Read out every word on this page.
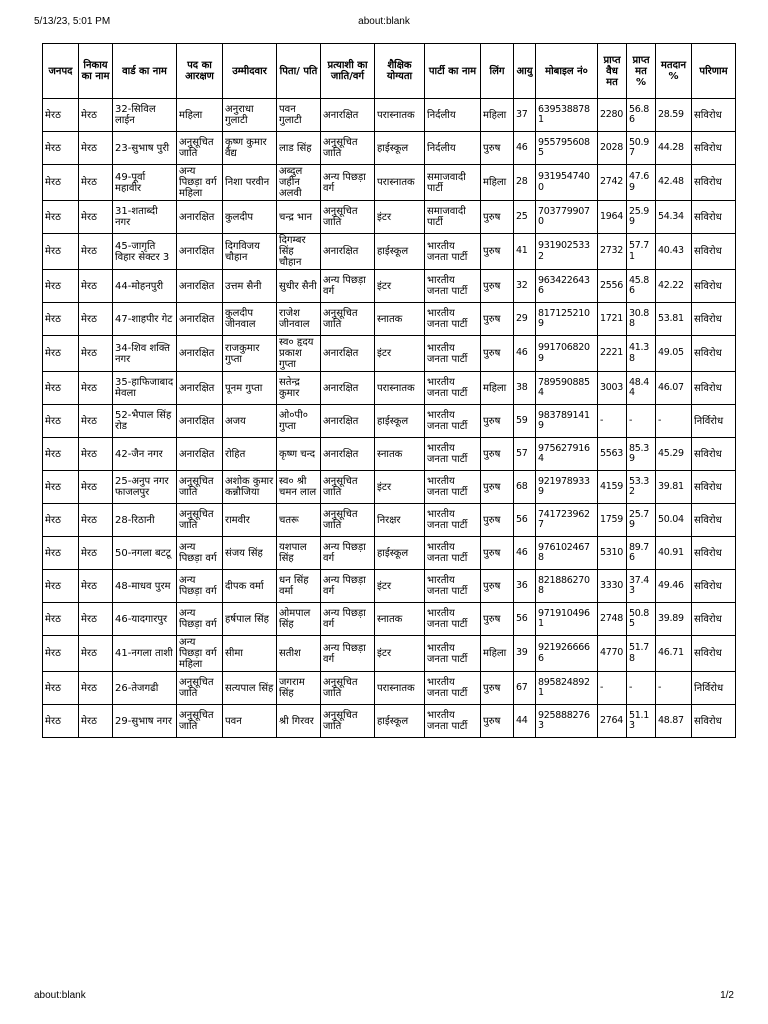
about:blank
5/13/23, 5:01 PM
जनपद	निकाय का नाम	वार्ड का नाम	पद का आरक्षण	उम्मीदवार	पिता/ पति	प्रत्याशी का जाति/वर्ग	शैक्षिक योग्यता	पार्टी का नाम	लिंग	आयु	मोबाइल नं०	प्राप्त वैध मत	प्राप्त मत %	मतदान %	परिणाम
मेरठ	मेरठ	32-सिविल लाईन	महिला	अनुराधा गुलाटी	पवन गुलाटी	अनारक्षित	परास्नातक	निर्दलीय	महिला	37	6395388781	2280	56.86	28.59	सविरोध
मेरठ	मेरठ	23-सुभाष पुरी	अनुसूचित जाति	कृष्ण कुमार वैद्य	लाड सिंह	अनुसूचित जाति	हाईस्कूल	निर्दलीय	पुरुष	46	9557956085	2028	50.97	44.28	सविरोध
मेरठ	मेरठ	49-पूर्वा महावीर	अन्य पिछड़ा वर्ग महिला	निशा परवीन	अब्दुल जहीन अलवी	अन्य पिछड़ा वर्ग	परास्नातक	समाजवादी पार्टी	महिला	28	9319547400	2742	47.69	42.48	सविरोध
मेरठ	मेरठ	31-शताब्दी नगर	अनारक्षित	कुलदीप	चन्द्र भान	अनुसूचित जाति	इंटर	समाजवादी पार्टी	पुरुष	25	7037799070	1964	25.99	54.34	सविरोध
मेरठ	मेरठ	45-जागृति विहार सेक्टर 3	अनारक्षित	दिगविजय चौहान	दिगम्बर सिंह चौहान	अनारक्षित	हाईस्कूल	भारतीय जनता पार्टी	पुरुष	41	9319025332	2732	57.71	40.43	सविरोध
मेरठ	मेरठ	44-मोहनपुरी	अनारक्षित	उत्तम सैनी	सुधीर सैनी	अन्य पिछड़ा वर्ग	इंटर	भारतीय जनता पार्टी	पुरुष	32	9634226436	2556	45.86	42.22	सविरोध
मेरठ	मेरठ	47-शाहपीर गेट	अनारक्षित	कुलदीप जीनवाल	राजेश जीनवाल	अनुसूचित जाति	स्नातक	भारतीय जनता पार्टी	पुरुष	29	8171252109	1721	30.88	53.81	सविरोध
मेरठ	मेरठ	34-शिव शक्ति नगर	अनारक्षित	राजकुमार गुप्ता	स्व० हृदय प्रकाश गुप्ता	अनारक्षित	इंटर	भारतीय जनता पार्टी	पुरुष	46	9917068209	2221	41.38	49.05	सविरोध
मेरठ	मेरठ	35-हाफिजाबाद मेवला	अनारक्षित	पूनम गुप्ता	सतेन्द्र कुमार	अनारक्षित	परास्नातक	भारतीय जनता पार्टी	महिला	38	7895908854	3003	48.44	46.07	सविरोध
मेरठ	मेरठ	52-भैपाल सिंह रोड	अनारक्षित	अजय	ओ०पी० गुप्ता	अनारक्षित	हाईस्कूल	भारतीय जनता पार्टी	पुरुष	59	9837891419	-	-	-	निर्विरोध
मेरठ	मेरठ	42-जैन नगर	अनारक्षित	रोहित	कृष्ण चन्द	अनारक्षित	स्नातक	भारतीय जनता पार्टी	पुरुष	57	9756279164	5563	85.39	45.29	सविरोध
मेरठ	मेरठ	25-अनुप नगर फाजलपुर	अनुसूचित जाति	अशोक कुमार कन्नौजिया	स्व० श्री चमन लाल	अनुसूचित जाति	इंटर	भारतीय जनता पार्टी	पुरुष	68	9219789339	4159	53.32	39.81	सविरोध
मेरठ	मेरठ	28-रिठानी	अनुसूचित जाति	रामवीर	चतरू	अनुसूचित जाति	निरक्षर	भारतीय जनता पार्टी	पुरुष	56	7417239627	1759	25.79	50.04	सविरोध
मेरठ	मेरठ	50-नगला बटटू	अन्य पिछड़ा वर्ग	संजय सिंह	यशपाल सिंह	अन्य पिछड़ा वर्ग	हाईस्कूल	भारतीय जनता पार्टी	पुरुष	46	9761024678	5310	89.76	40.91	सविरोध
मेरठ	मेरठ	48-माधव पुरम	अन्य पिछड़ा वर्ग	दीपक वर्मा	धन सिंह वर्मा	अन्य पिछड़ा वर्ग	इंटर	भारतीय जनता पार्टी	पुरुष	36	8218862708	3330	37.43	49.46	सविरोध
मेरठ	मेरठ	46-यादगारपुर	अन्य पिछड़ा वर्ग	हर्षपाल सिंह	ओमपाल सिंह	अन्य पिछड़ा वर्ग	स्नातक	भारतीय जनता पार्टी	पुरुष	56	9719104961	2748	50.85	39.89	सविरोध
मेरठ	मेरठ	41-नगला ताशी	अन्य पिछड़ा वर्ग महिला	सीमा	सतीश	अन्य पिछड़ा वर्ग	इंटर	भारतीय जनता पार्टी	महिला	39	9219266666	4770	51.78	46.71	सविरोध
मेरठ	मेरठ	26-तेजगढी	अनुसूचित जाति	सत्यपाल सिंह	जगराम सिंह	अनुसूचित जाति	परास्नातक	भारतीय जनता पार्टी	पुरुष	67	8958248921	-	-	-	निर्विरोध
मेरठ	मेरठ	29-सुभाष नगर	अनुसूचित जाति	पवन	श्री गिरवर	अनुसूचित जाति	हाईस्कूल	भारतीय जनता पार्टी	पुरुष	44	9258882763	2764	51.13	48.87	सविरोध
about:blank	1/2
